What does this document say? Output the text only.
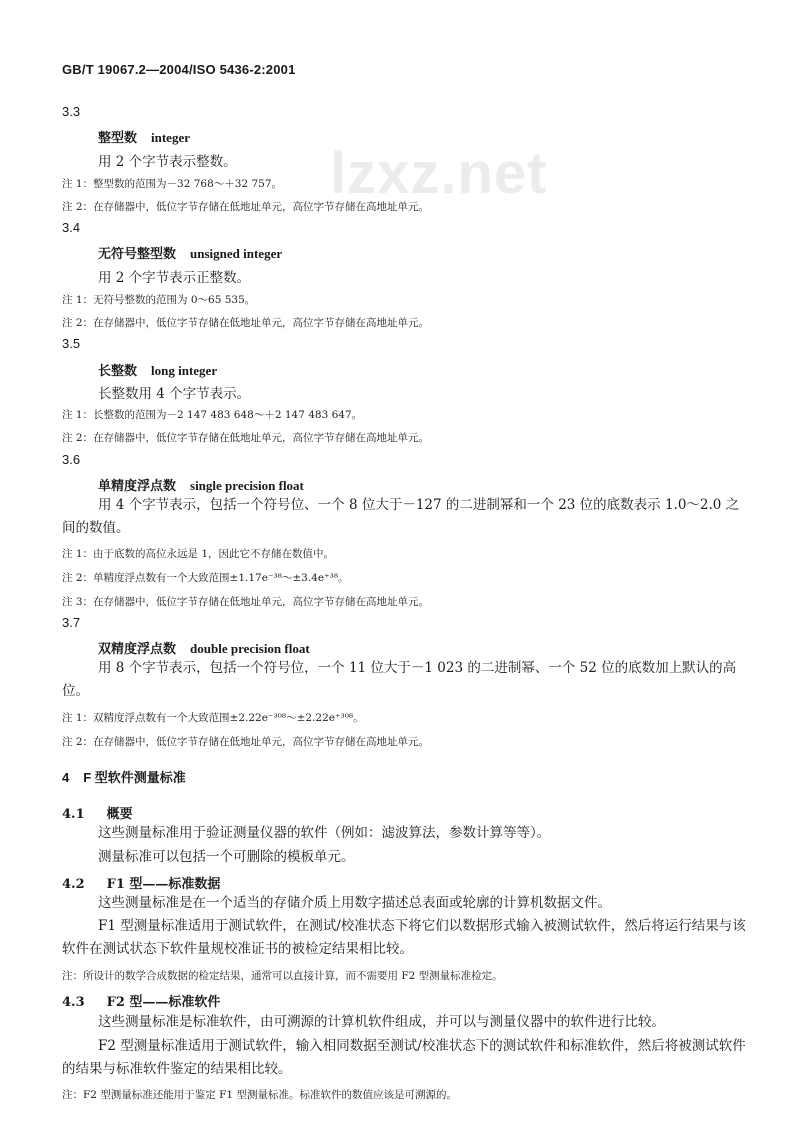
GB/T 19067.2—2004/ISO 5436-2:2001
lzxz.net
3.3
整型数 integer
用 2 个字节表示整数。
注 1：整型数的范围为－32 768～＋32 757。
注 2：在存储器中，低位字节存储在低地址单元，高位字节存储在高地址单元。
3.4
无符号整型数 unsigned integer
用 2 个字节表示正整数。
注 1：无符号整数的范围为 0～65 535。
注 2：在存储器中，低位字节存储在低地址单元，高位字节存储在高地址单元。
3.5
长整数 long integer
长整数用 4 个字节表示。
注 1：长整数的范围为－2 147 483 648～＋2 147 483 647。
注 2：在存储器中，低位字节存储在低地址单元，高位字节存储在高地址单元。
3.6
单精度浮点数 single precision float
用 4 个字节表示，包括一个符号位、一个 8 位大于－127 的二进制幂和一个 23 位的底数表示 1.0～2.0 之间的数值。
注 1：由于底数的高位永远是 1，因此它不存储在数值中。
注 2：单精度浮点数有一个大致范围±1.17e⁻³⁸～±3.4e⁺³⁸。
注 3：在存储器中，低位字节存储在低地址单元，高位字节存储在高地址单元。
3.7
双精度浮点数 double precision float
用 8 个字节表示，包括一个符号位，一个 11 位大于－1 023 的二进制幂、一个 52 位的底数加上默认的高位。
注 1：双精度浮点数有一个大致范围±2.22e⁻³⁰⁸～±2.22e⁺³⁰⁸。
注 2：在存储器中，低位字节存储在低地址单元，高位字节存储在高地址单元。
4 F 型软件测量标准
4.1 概要
这些测量标准用于验证测量仪器的软件（例如：滤波算法，参数计算等等）。
测量标准可以包括一个可删除的模板单元。
4.2 F1 型——标准数据
这些测量标准是在一个适当的存储介质上用数字描述总表面或轮廓的计算机数据文件。
F1 型测量标准适用于测试软件，在测试/校准状态下将它们以数据形式输入被测试软件，然后将运行结果与该软件在测试状态下软件量规校准证书的被检定结果相比较。
注：所设计的数学合成数据的检定结果，通常可以直接计算，而不需要用 F2 型测量标准检定。
4.3 F2 型——标准软件
这些测量标准是标准软件，由可溯源的计算机软件组成，并可以与测量仪器中的软件进行比较。
F2 型测量标准适用于测试软件，输入相同数据至测试/校准状态下的测试软件和标准软件，然后将被测试软件的结果与标准软件鉴定的结果相比较。
注：F2 型测量标准还能用于鉴定 F1 型测量标准。标准软件的数值应该是可溯源的。
